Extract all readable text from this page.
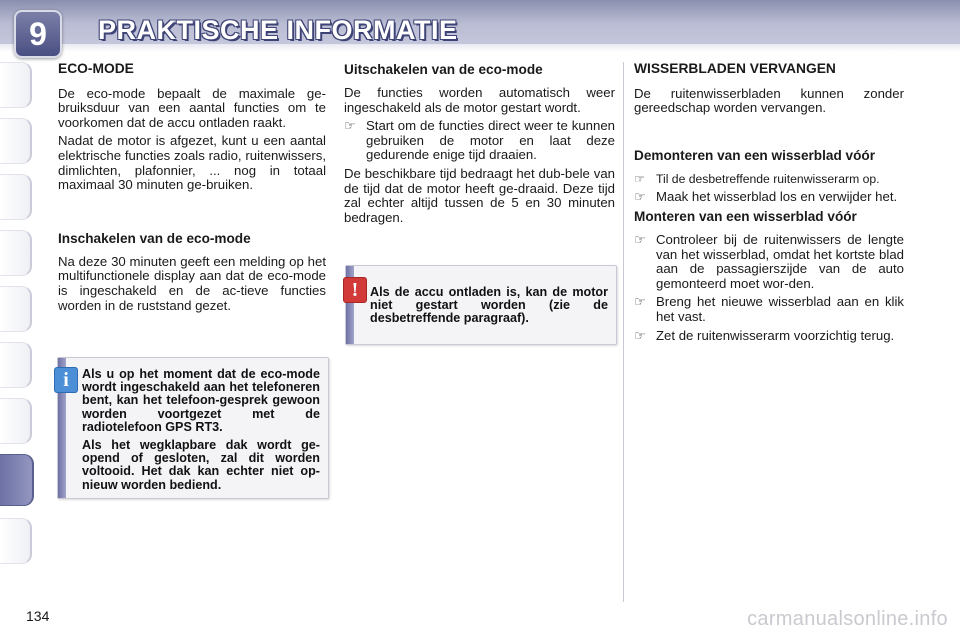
9	PRAKTISCHE INFORMATIE
ECO-MODE

De eco-mode bepaalt de maximale ge-bruiksduur van een aantal functies om te voorkomen dat de accu ontladen raakt.

Nadat de motor is afgezet, kunt u een aantal elektrische functies zoals radio, ruitenwissers, dimlichten, plafonnier, ... nog in totaal maximaal 30 minuten ge-bruiken.

Inschakelen van de eco-mode

Na deze 30 minuten geeft een melding op het multifunctionele display aan dat de eco-mode is ingeschakeld en de ac-tieve functies worden in de ruststand gezet.

Als u op het moment dat de eco-mode wordt ingeschakeld aan het telefoneren bent, kan het telefoon-gesprek gewoon worden voortgezet met de radiotelefoon GPS RT3.
Als het wegklapbare dak wordt ge-opend of gesloten, zal dit worden voltooid. Het dak kan echter niet op-nieuw worden bediend.
i
Uitschakelen van de eco-mode

De functies worden automatisch weer ingeschakeld als de motor gestart wordt.

☞ Start om de functies direct weer te kunnen gebruiken de motor en laat deze gedurende enige tijd draaien.

De beschikbare tijd bedraagt het dub-bele van de tijd dat de motor heeft ge-draaid. Deze tijd zal echter altijd tussen de 5 en 30 minuten bedragen.

Als de accu ontladen is, kan de motor niet gestart worden (zie de desbetreffende paragraaf).
!
WISSERBLADEN VERVANGEN

De ruitenwisserbladen kunnen zonder gereedschap worden vervangen.

Demonteren van een wisserblad vóór
☞ Til de desbetreffende ruitenwisserarm op.
☞ Maak het wisserblad los en verwijder het.
Monteren van een wisserblad vóór
☞ Controleer bij de ruitenwissers de lengte van het wisserblad, omdat het kortste blad aan de passagierszijde van de auto gemonteerd moet wor-den.
☞ Breng het nieuwe wisserblad aan en klik het vast.
☞ Zet de ruitenwisserarm voorzichtig terug.
134	carmanualsonline.info
